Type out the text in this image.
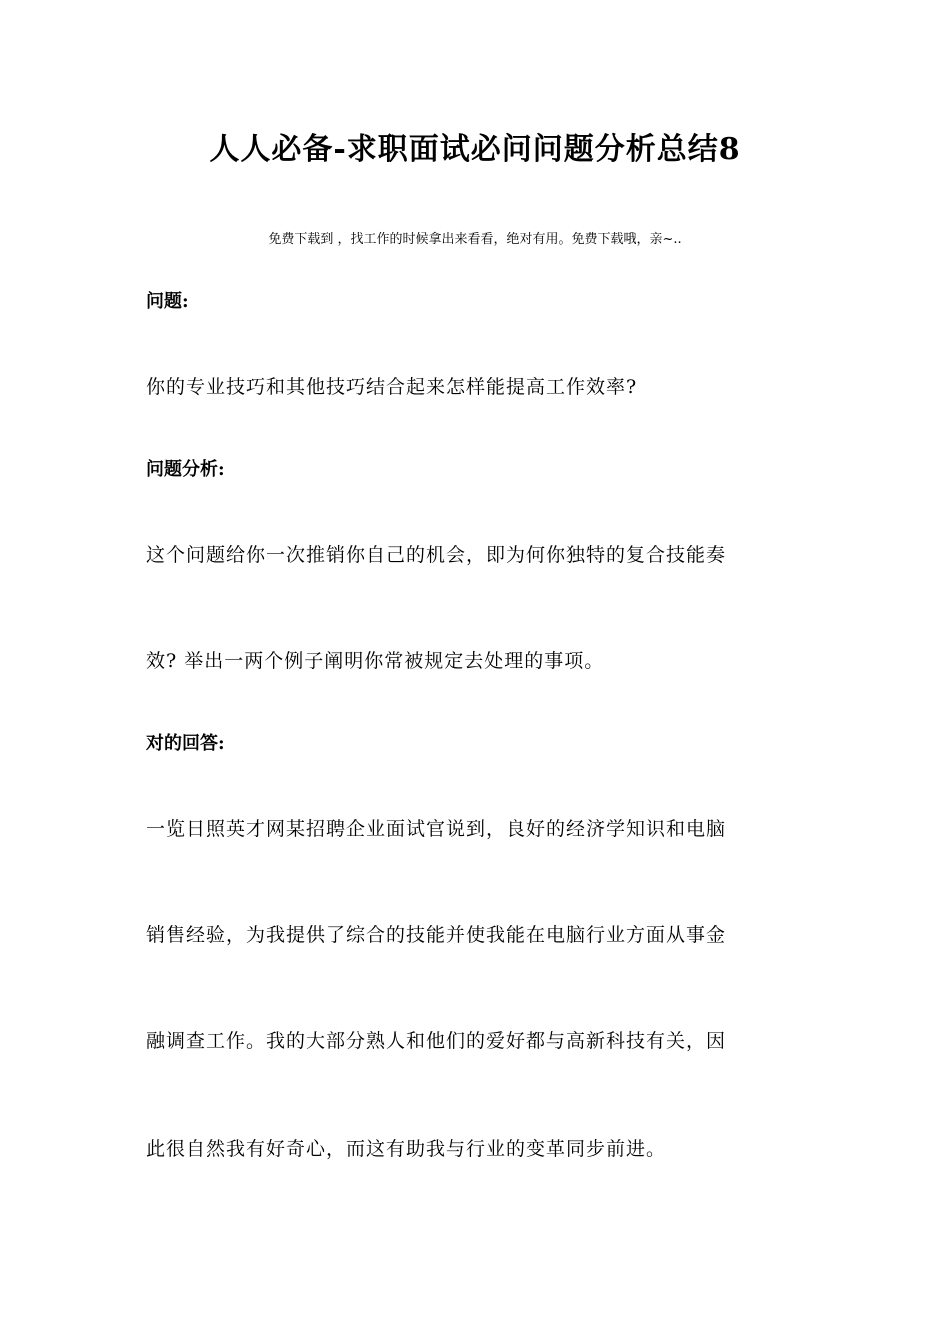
人人必备-求职面试必问问题分析总结8
免费下载到 ，找工作的时候拿出来看看，绝对有用。免费下载哦，亲~..
问题:
你的专业技巧和其他技巧结合起来怎样能提高工作效率?
问题分析:
这个问题给你一次推销你自己的机会，即为何你独特的复合技能奏
效? 举出一两个例子阐明你常被规定去处理的事项。
对的回答:
一览日照英才网某招聘企业面试官说到，良好的经济学知识和电脑
销售经验，为我提供了综合的技能并使我能在电脑行业方面从事金
融调查工作。我的大部分熟人和他们的爱好都与高新科技有关，因
此很自然我有好奇心，而这有助我与行业的变革同步前进。
